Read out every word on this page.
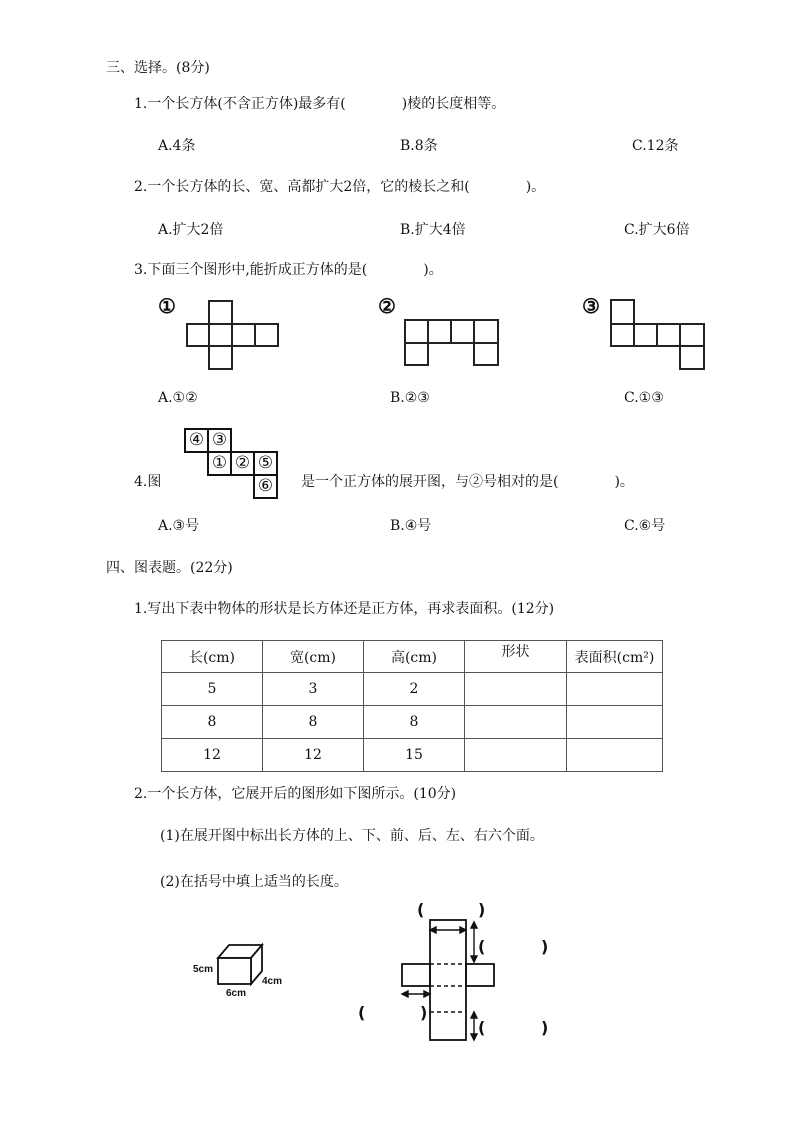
三、选择。(8分)
1.一个长方体(不含正方体)最多有(　　　　)棱的长度相等。
A.4条	B.8条	C.12条
2.一个长方体的长、宽、高都扩大2倍，它的棱长之和(　　　　)。
A.扩大2倍	B.扩大4倍	C.扩大6倍
3.下面三个图形中,能折成正方体的是(　　　　)。
①	②	③
A.①②	B.②③	C.①③
4.图
④ ③
① ② ⑤
⑥	是一个正方体的展开图，与②号相对的是(　　　　)。
A.③号	B.④号	C.⑥号
四、图表题。(22分)
1.写出下表中物体的形状是长方体还是正方体，再求表面积。(12分)
长(cm)	宽(cm)	高(cm)	形状	表面积(cm²)
5	3	2		
8	8	8		
12	12	15		
2.一个长方体，它展开后的图形如下图所示。(10分)
(1)在展开图中标出长方体的上、下、前、后、左、右六个面。
(2)在括号中填上适当的长度。
5cm
6cm
4cm
(	)
(	)
(	)
(	)
